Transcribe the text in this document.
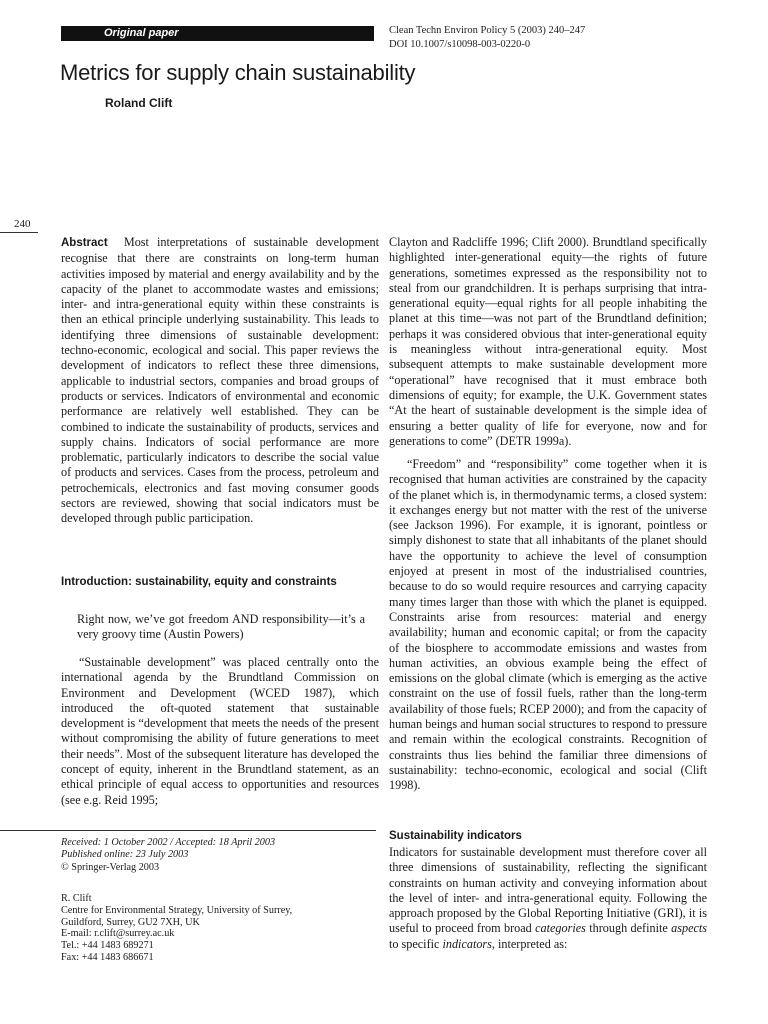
Original paper	Clean Techn Environ Policy 5 (2003) 240–247
DOI 10.1007/s10098-003-0220-0
Metrics for supply chain sustainability
Roland Clift
240

Abstract Most interpretations of sustainable development recognise that there are constraints on long-term human activities imposed by material and energy availability and by the capacity of the planet to accommodate wastes and emissions; inter- and intra-generational equity within these constraints is then an ethical principle underlying sustainability. This leads to identifying three dimensions of sustainable development: techno-economic, ecological and social. This paper reviews the development of indicators to reflect these three dimensions, applicable to industrial sectors, companies and broad groups of products or services. Indicators of environmental and economic performance are relatively well established. They can be combined to indicate the sustainability of products, services and supply chains. Indicators of social performance are more problematic, particularly indicators to describe the social value of products and services. Cases from the process, petroleum and petrochemicals, electronics and fast moving consumer goods sectors are reviewed, showing that social indicators must be developed through public participation.

Introduction: sustainability, equity and constraints

Right now, we’ve got freedom AND responsibility—it’s a very groovy time (Austin Powers)

“Sustainable development” was placed centrally onto the international agenda by the Brundtland Commission on Environment and Development (WCED 1987), which introduced the oft-quoted statement that sustainable development is “development that meets the needs of the present without compromising the ability of future generations to meet their needs”. Most of the subsequent literature has developed the concept of equity, inherent in the Brundtland statement, as an ethical principle of equal access to opportunities and resources (see e.g. Reid 1995;

Clayton and Radcliffe 1996; Clift 2000). Brundtland specifically highlighted inter-generational equity—the rights of future generations, sometimes expressed as the responsibility not to steal from our grandchildren. It is perhaps surprising that intra-generational equity—equal rights for all people inhabiting the planet at this time—was not part of the Brundtland definition; perhaps it was considered obvious that inter-generational equity is meaningless without intra-generational equity. Most subsequent attempts to make sustainable development more “operational” have recognised that it must embrace both dimensions of equity; for example, the U.K. Government states “At the heart of sustainable development is the simple idea of ensuring a better quality of life for everyone, now and for generations to come” (DETR 1999a).

“Freedom” and “responsibility” come together when it is recognised that human activities are constrained by the capacity of the planet which is, in thermodynamic terms, a closed system: it exchanges energy but not matter with the rest of the universe (see Jackson 1996). For example, it is ignorant, pointless or simply dishonest to state that all inhabitants of the planet should have the opportunity to achieve the level of consumption enjoyed at present in most of the industrialised countries, because to do so would require resources and carrying capacity many times larger than those with which the planet is equipped. Constraints arise from resources: material and energy availability; human and economic capital; or from the capacity of the biosphere to accommodate emissions and wastes from human activities, an obvious example being the effect of emissions on the global climate (which is emerging as the active constraint on the use of fossil fuels, rather than the long-term availability of those fuels; RCEP 2000); and from the capacity of human beings and human social structures to respond to pressure and remain within the ecological constraints. Recognition of constraints thus lies behind the familiar three dimensions of sustainability: techno-economic, ecological and social (Clift 1998).

Sustainability indicators

Indicators for sustainable development must therefore cover all three dimensions of sustainability, reflecting the significant constraints on human activity and conveying information about the level of inter- and intra-generational equity. Following the approach proposed by the Global Reporting Initiative (GRI), it is useful to proceed from broad categories through definite aspects to specific indicators, interpreted as:

Received: 1 October 2002 / Accepted: 18 April 2003
Published online: 23 July 2003
© Springer-Verlag 2003
R. Clift
Centre for Environmental Strategy, University of Surrey,
Guildford, Surrey, GU2 7XH, UK
E-mail: r.clift@surrey.ac.uk
Tel.: +44 1483 689271
Fax: +44 1483 686671
